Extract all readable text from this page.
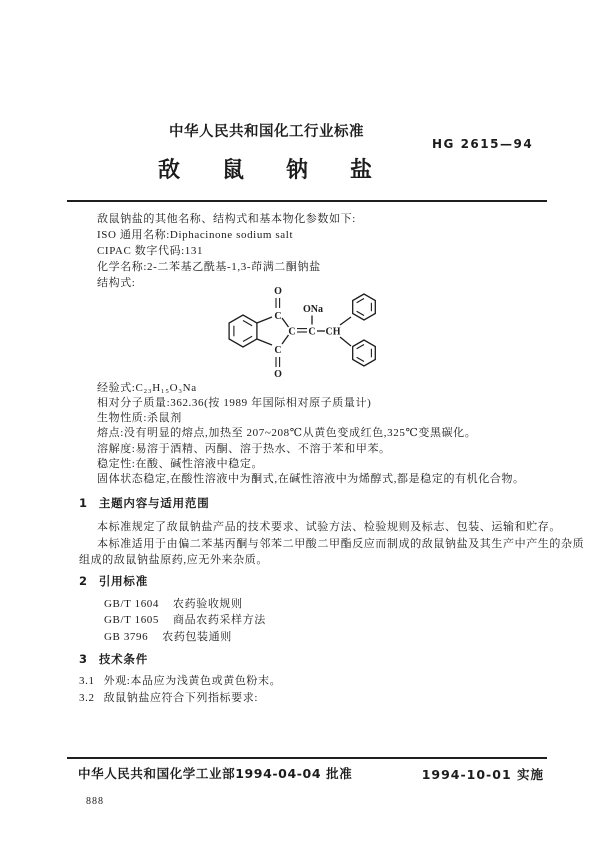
中华人民共和国化工行业标准
HG 2615—94
敌鼠钠盐
敌鼠钠盐的其他名称、结构式和基本物化参数如下:
ISO 通用名称:Diphacinone sodium salt
CIPAC 数字代码:131
化学名称:2-二苯基乙酰基-1,3-茚满二酮钠盐
结构式:
O
C
C
O
C C
ONa
CH
经验式:C₂₃H₁₅O₃Na
相对分子质量:362.36(按 1989 年国际相对原子质量计)
生物性质:杀鼠剂
熔点:没有明显的熔点,加热至 207~208℃从黄色变成红色,325℃变黑碳化。
溶解度:易溶于酒精、丙酮、溶于热水、不溶于苯和甲苯。
稳定性:在酸、碱性溶液中稳定。
固体状态稳定,在酸性溶液中为酮式,在碱性溶液中为烯醇式,都是稳定的有机化合物。
1 主题内容与适用范围
本标准规定了敌鼠钠盐产品的技术要求、试验方法、检验规则及标志、包装、运输和贮存。
本标准适用于由偏二苯基丙酮与邻苯二甲酸二甲酯反应而制成的敌鼠钠盐及其生产中产生的杂质
组成的敌鼠钠盐原药,应无外来杂质。
2 引用标准
GB/T 1604 农药验收规则
GB/T 1605 商品农药采样方法
GB 3796 农药包装通则
3 技术条件
3.1 外观:本品应为浅黄色或黄色粉末。
3.2 敌鼠钠盐应符合下列指标要求:
中华人民共和国化学工业部1994-04-04 批准	1994-10-01 实施
888
